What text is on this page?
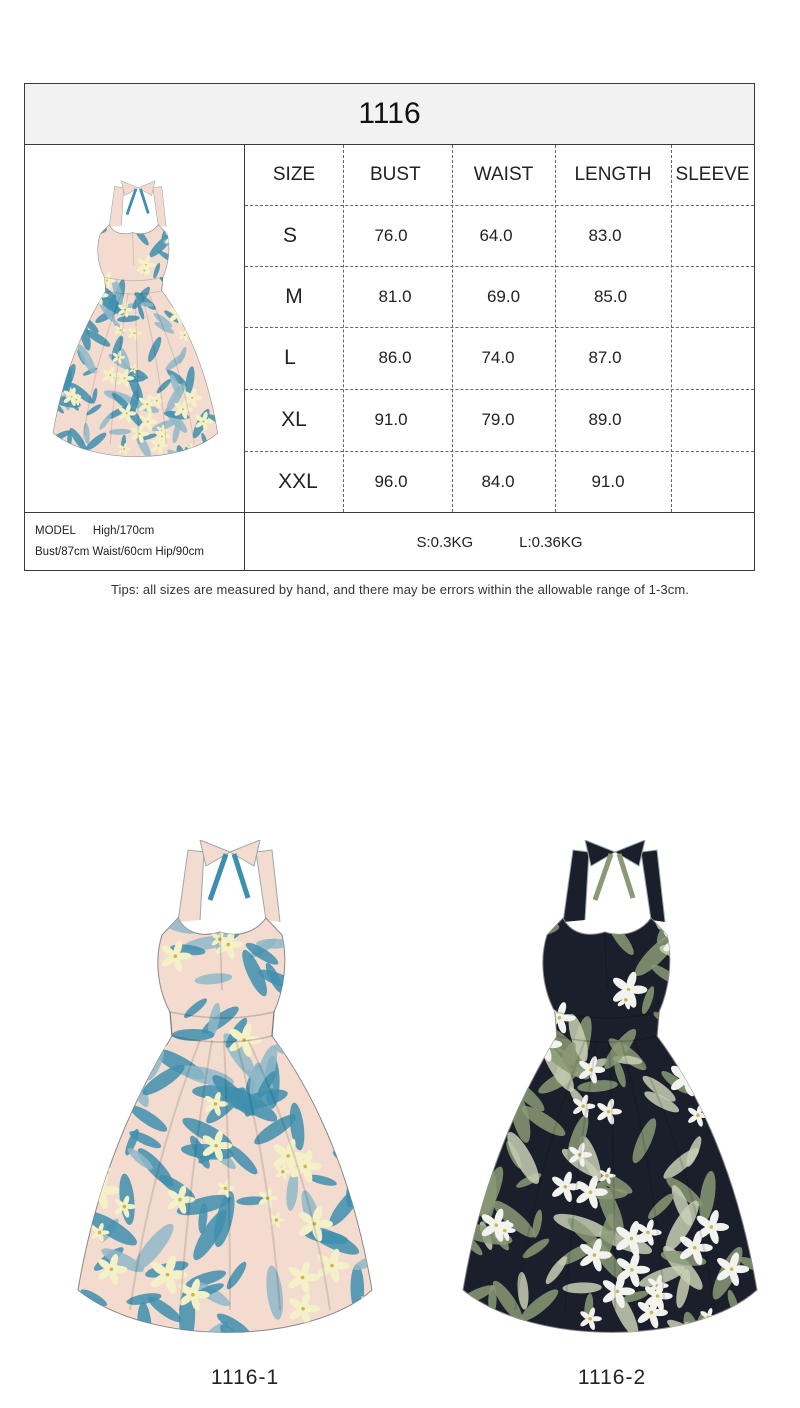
1116
SIZE	BUST	WAIST	LENGTH	SLEEVE
S	76.0	64.0	83.0
M	81.0	69.0	85.0
L	86.0	74.0	87.0
XL	91.0	79.0	89.0
XXL	96.0	84.0	91.0
MODEL High/170cm
Bust/87cm Waist/60cm Hip/90cm
S:0.3KG	L:0.36KG
Tips: all sizes are measured by hand, and there may be errors within the allowable range of 1-3cm.
1116-1	1116-2
